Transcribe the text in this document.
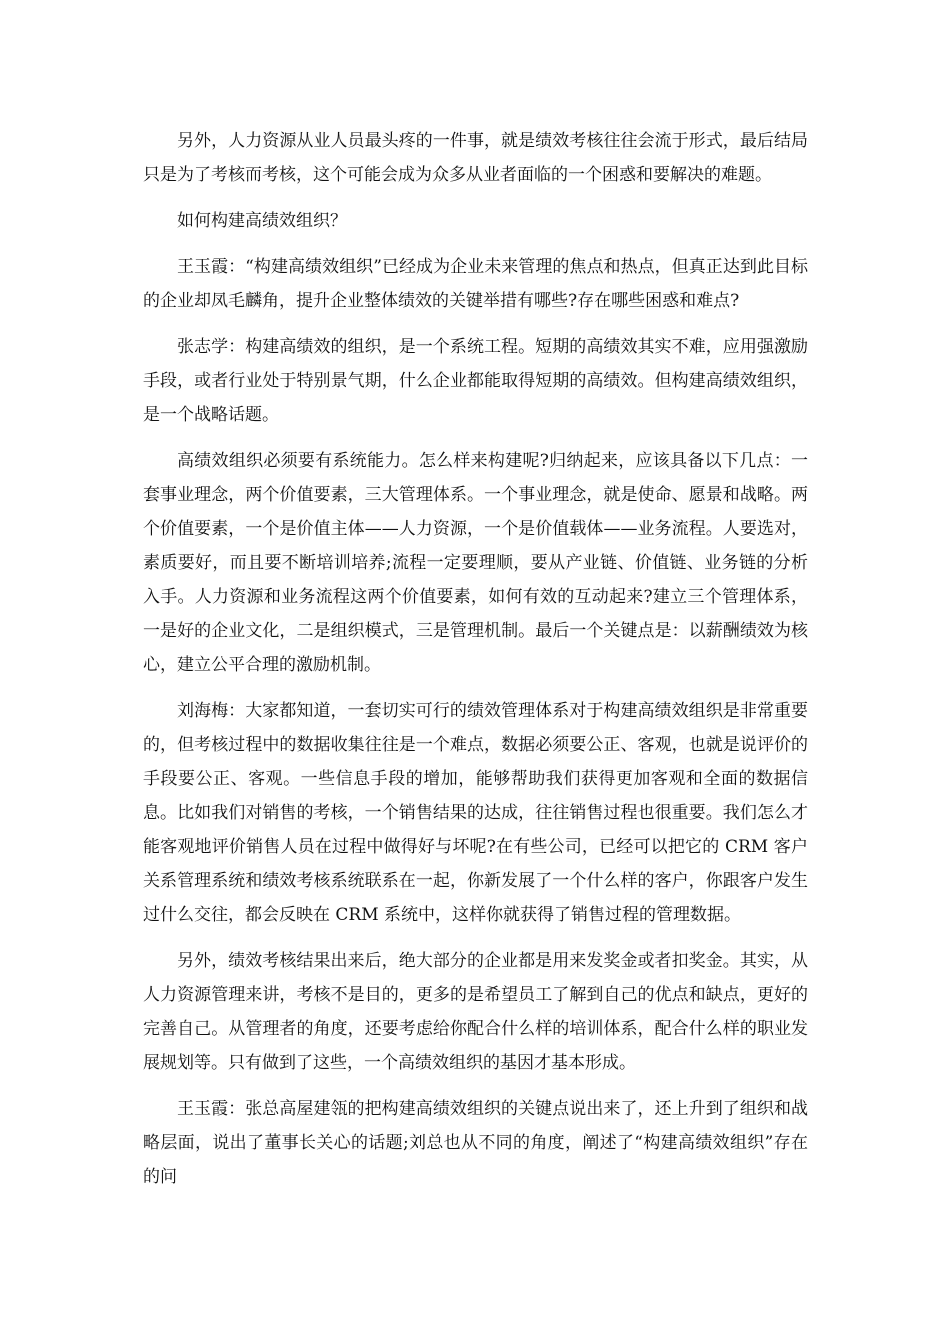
另外，人力资源从业人员最头疼的一件事，就是绩效考核往往会流于形式，最后结局只是为了考核而考核，这个可能会成为众多从业者面临的一个困惑和要解决的难题。

如何构建高绩效组织？

王玉霞：“构建高绩效组织”已经成为企业未来管理的焦点和热点，但真正达到此目标的企业却凤毛麟角，提升企业整体绩效的关键举措有哪些?存在哪些困惑和难点?

张志学：构建高绩效的组织，是一个系统工程。短期的高绩效其实不难，应用强激励手段，或者行业处于特别景气期，什么企业都能取得短期的高绩效。但构建高绩效组织，是一个战略话题。

高绩效组织必须要有系统能力。怎么样来构建呢?归纳起来，应该具备以下几点：一套事业理念，两个价值要素，三大管理体系。一个事业理念，就是使命、愿景和战略。两个价值要素，一个是价值主体——人力资源，一个是价值载体——业务流程。人要选对，素质要好，而且要不断培训培养;流程一定要理顺，要从产业链、价值链、业务链的分析入手。人力资源和业务流程这两个价值要素，如何有效的互动起来?建立三个管理体系，一是好的企业文化，二是组织模式，三是管理机制。最后一个关键点是：以薪酬绩效为核心，建立公平合理的激励机制。

刘海梅：大家都知道，一套切实可行的绩效管理体系对于构建高绩效组织是非常重要的，但考核过程中的数据收集往往是一个难点，数据必须要公正、客观，也就是说评价的手段要公正、客观。一些信息手段的增加，能够帮助我们获得更加客观和全面的数据信息。比如我们对销售的考核，一个销售结果的达成，往往销售过程也很重要。我们怎么才能客观地评价销售人员在过程中做得好与坏呢?在有些公司，已经可以把它的 CRM 客户关系管理系统和绩效考核系统联系在一起，你新发展了一个什么样的客户，你跟客户发生过什么交往，都会反映在 CRM 系统中，这样你就获得了销售过程的管理数据。

另外，绩效考核结果出来后，绝大部分的企业都是用来发奖金或者扣奖金。其实，从人力资源管理来讲，考核不是目的，更多的是希望员工了解到自己的优点和缺点，更好的完善自己。从管理者的角度，还要考虑给你配合什么样的培训体系，配合什么样的职业发展规划等。只有做到了这些，一个高绩效组织的基因才基本形成。

王玉霞：张总高屋建瓴的把构建高绩效组织的关键点说出来了，还上升到了组织和战略层面，说出了董事长关心的话题;刘总也从不同的角度，阐述了“构建高绩效组织”存在的问
